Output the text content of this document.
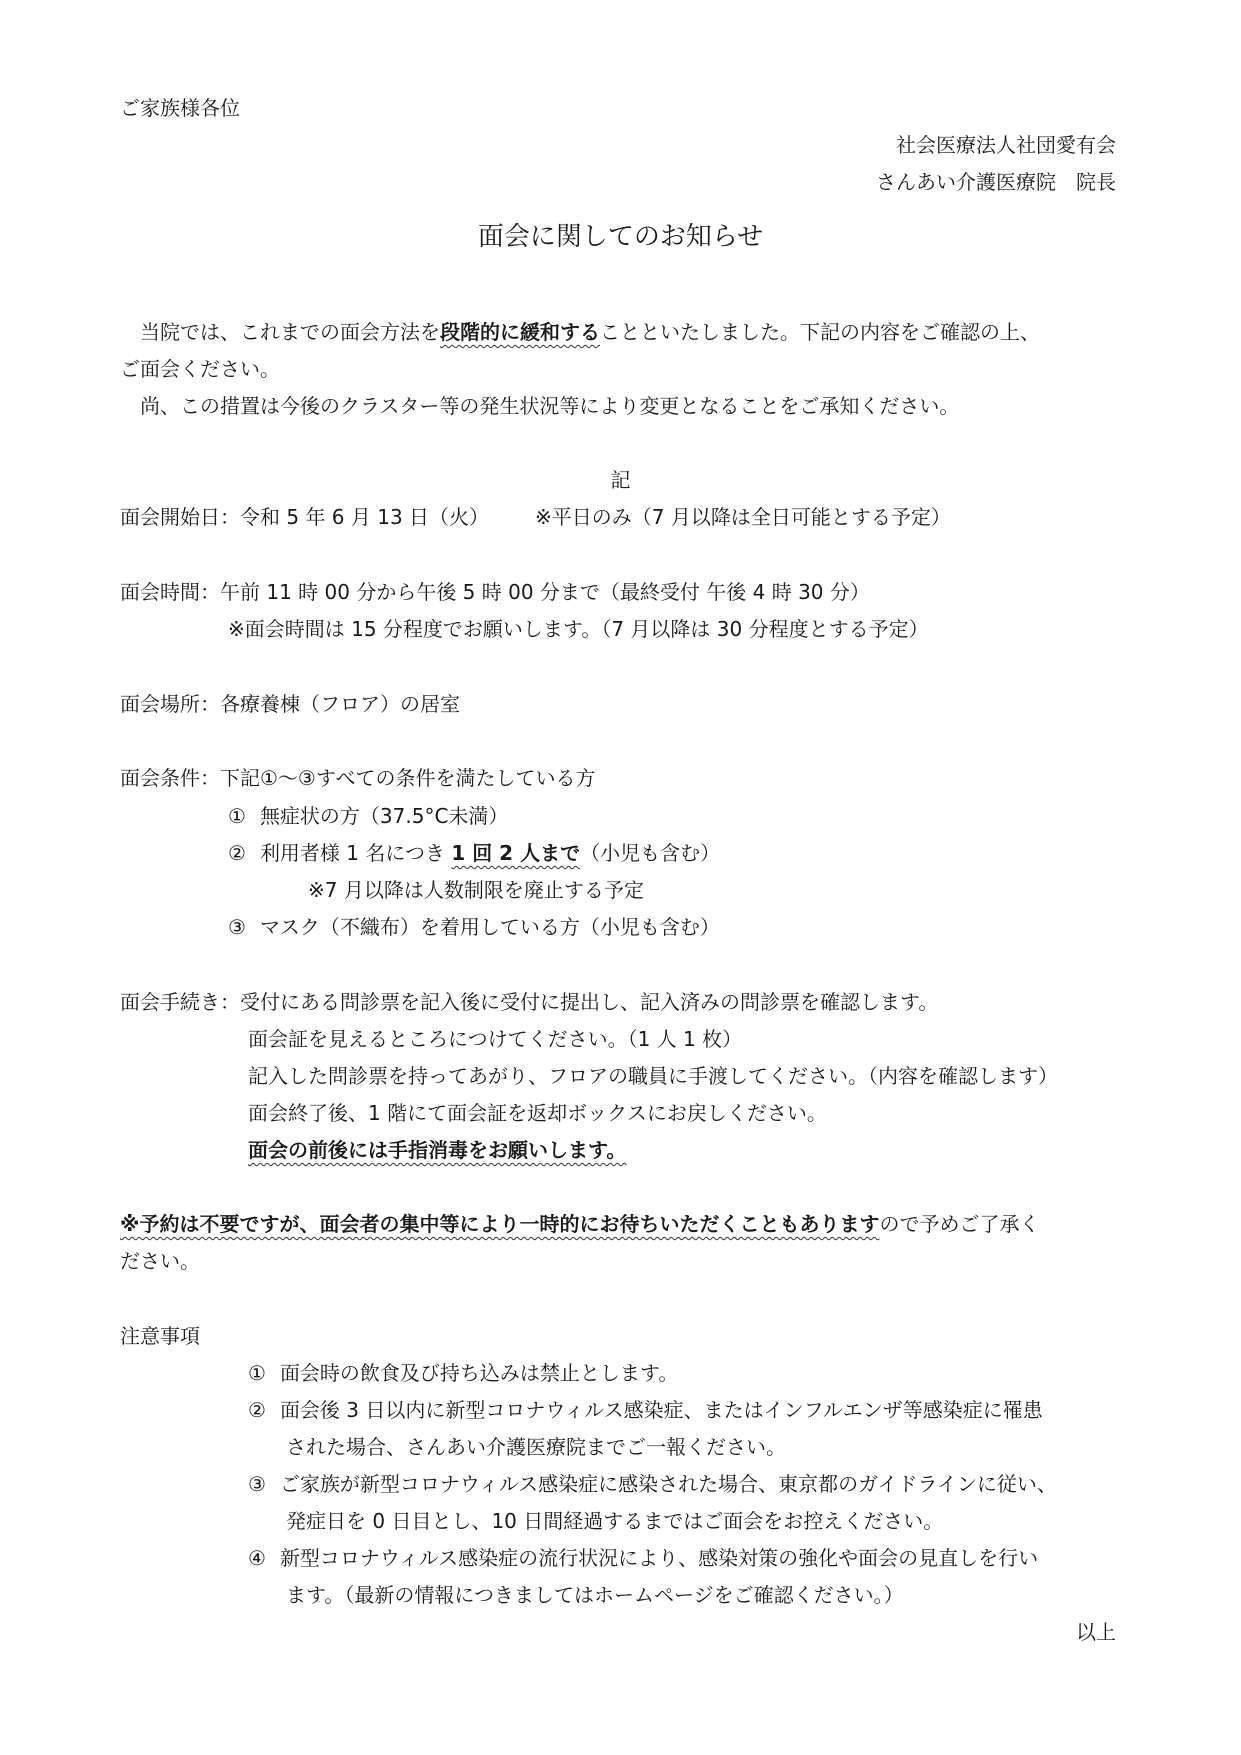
ご家族様各位
社会医療法人社団愛有会
さんあい介護医療院　院長
面会に関してのお知らせ
当院では、これまでの面会方法を段階的に緩和することといたしました。下記の内容をご確認の上、
ご面会ください。
尚、この措置は今後のクラスター等の発生状況等により変更となることをご承知ください。
記
面会開始日：令和 5 年 6 月 13 日（火） ※平日のみ（7 月以降は全日可能とする予定）
面会時間：午前 11 時 00 分から午後 5 時 00 分まで（最終受付 午後 4 時 30 分）
※面会時間は 15 分程度でお願いします。（7 月以降は 30 分程度とする予定）
面会場所：各療養棟（フロア）の居室
面会条件：下記①〜③すべての条件を満たしている方
① 無症状の方（37.5°C未満）
② 利用者様 1 名につき 1 回 2 人まで（小児も含む）
※7 月以降は人数制限を廃止する予定
③ マスク（不織布）を着用している方（小児も含む）
面会手続き：受付にある問診票を記入後に受付に提出し、記入済みの問診票を確認します。
面会証を見えるところにつけてください。（1 人 1 枚）
記入した問診票を持ってあがり、フロアの職員に手渡してください。（内容を確認します）
面会終了後、1 階にて面会証を返却ボックスにお戻しください。
面会の前後には手指消毒をお願いします。
※予約は不要ですが、面会者の集中等により一時的にお待ちいただくこともありますので予めご了承く
ださい。
注意事項
① 面会時の飲食及び持ち込みは禁止とします。
② 面会後 3 日以内に新型コロナウィルス感染症、またはインフルエンザ等感染症に罹患
された場合、さんあい介護医療院までご一報ください。
③ ご家族が新型コロナウィルス感染症に感染された場合、東京都のガイドラインに従い、
発症日を 0 日目とし、10 日間経過するまではご面会をお控えください。
④ 新型コロナウィルス感染症の流行状況により、感染対策の強化や面会の見直しを行い
ます。（最新の情報につきましてはホームページをご確認ください。）
以上
